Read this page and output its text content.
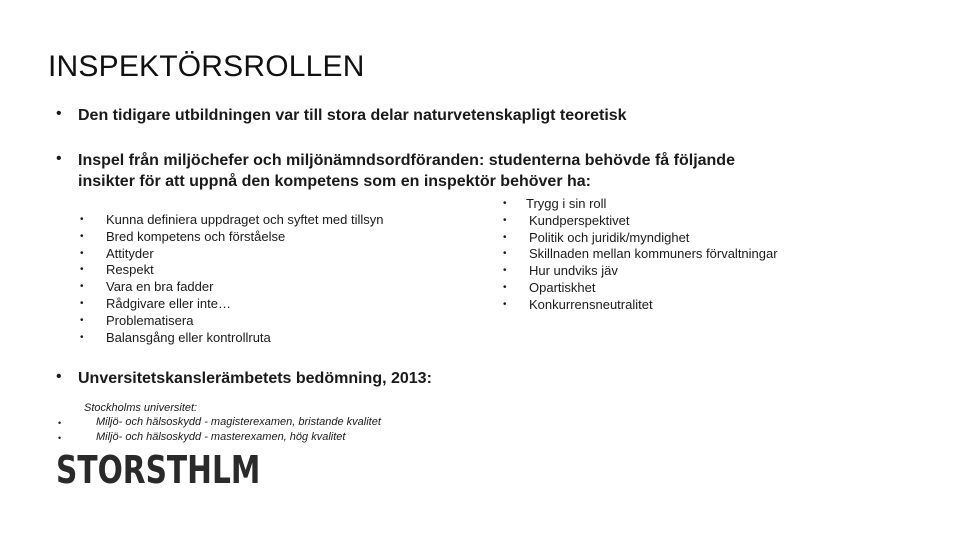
INSPEKTÖRSROLLEN
• Den tidigare utbildningen var till stora delar naturvetenskapligt teoretisk
• Inspel från miljöchefer och miljönämndsordföranden: studenterna behövde få följande insikter för att uppnå den kompetens som en inspektör behöver ha:
• Kunna definiera uppdraget och syftet med tillsyn
• Bred kompetens och förståelse
• Attityder
• Respekt
• Vara en bra fadder
• Rådgivare eller inte…
• Problematisera
• Balansgång eller kontrollruta
• Trygg i sin roll
• Kundperspektivet
• Politik och juridik/myndighet
• Skillnaden mellan kommuners förvaltningar
• Hur undviks jäv
• Opartiskhet
• Konkurrensneutralitet
• Unversitetskanslerämbetets bedömning, 2013:
Stockholms universitet:
•	Miljö- och hälsoskydd - magisterexamen, bristande kvalitet
•	Miljö- och hälsoskydd - masterexamen, hög kvalitet
STORSTHLM
